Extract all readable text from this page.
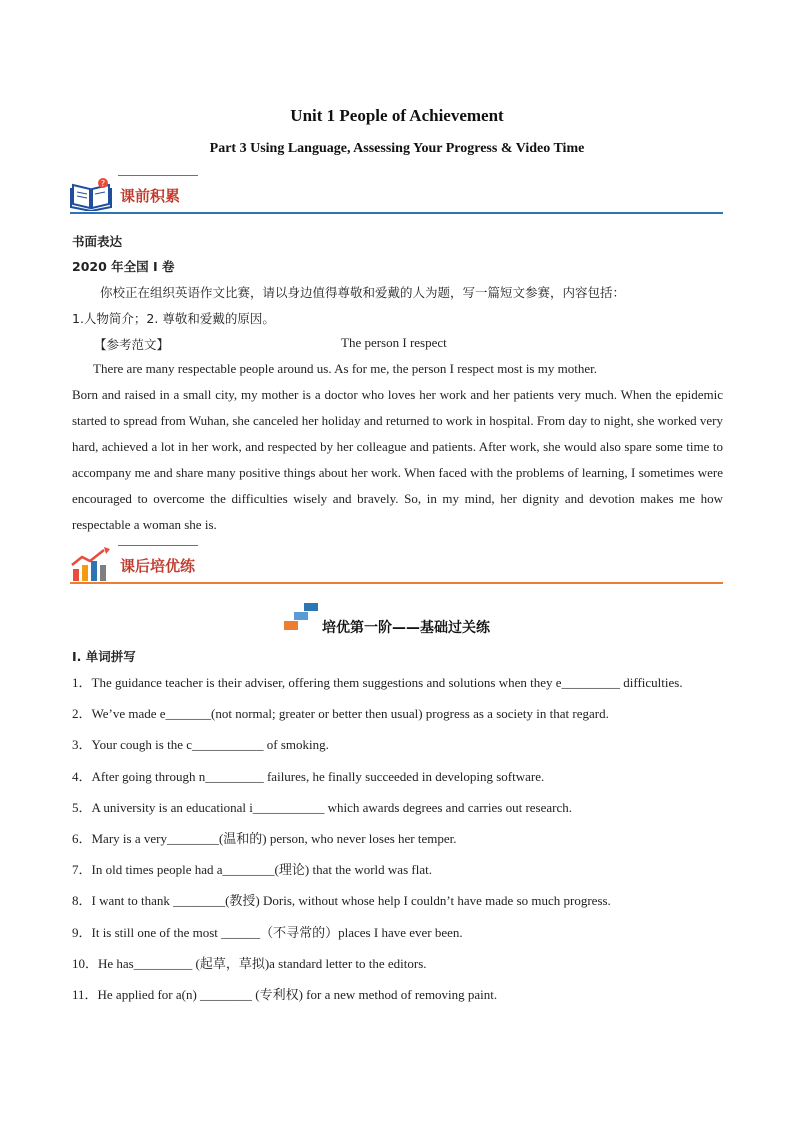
Unit 1 People of Achievement
Part 3 Using Language, Assessing Your Progress & Video Time
?
课前积累
书面表达
2020 年全国 I 卷
你校正在组织英语作文比赛，请以身边值得尊敬和爱戴的人为题，写一篇短文参赛，内容包括：
1.人物简介；2. 尊敬和爱戴的原因。
【参考范文】	The person I respect
There are many respectable people around us. As for me, the person I respect most is my mother.
Born and raised in a small city, my mother is a doctor who loves her work and her patients very much. When the epidemic started to spread from Wuhan, she canceled her holiday and returned to work in hospital. From day to night, she worked very hard, achieved a lot in her work, and respected by her colleague and patients. After work, she would also spare some time to accompany me and share many positive things about her work. When faced with the problems of learning, I sometimes were encouraged to overcome the difficulties wisely and bravely. So, in my mind, her dignity and devotion makes me how respectable a woman she is.
课后培优练
培优第一阶——基础过关练
I. 单词拼写
1．The guidance teacher is their adviser, offering them suggestions and solutions when they e_________ difficulties.
2．We’ve made e_______(not normal; greater or better then usual) progress as a society in that regard.
3．Your cough is the c___________ of smoking.
4．After going through n_________ failures, he finally succeeded in developing software.
5．A university is an educational i___________ which awards degrees and carries out research.
6．Mary is a very________(温和的) person, who never loses her temper.
7．In old times people had a________(理论) that the world was flat.
8．I want to thank ________(教授) Doris, without whose help I couldn’t have made so much progress.
9．It is still one of the most ______（不寻常的）places I have ever been.
10．He has_________ (起草，草拟)a standard letter to the editors.
11．He applied for a(n) ________ (专利权) for a new method of removing paint.
